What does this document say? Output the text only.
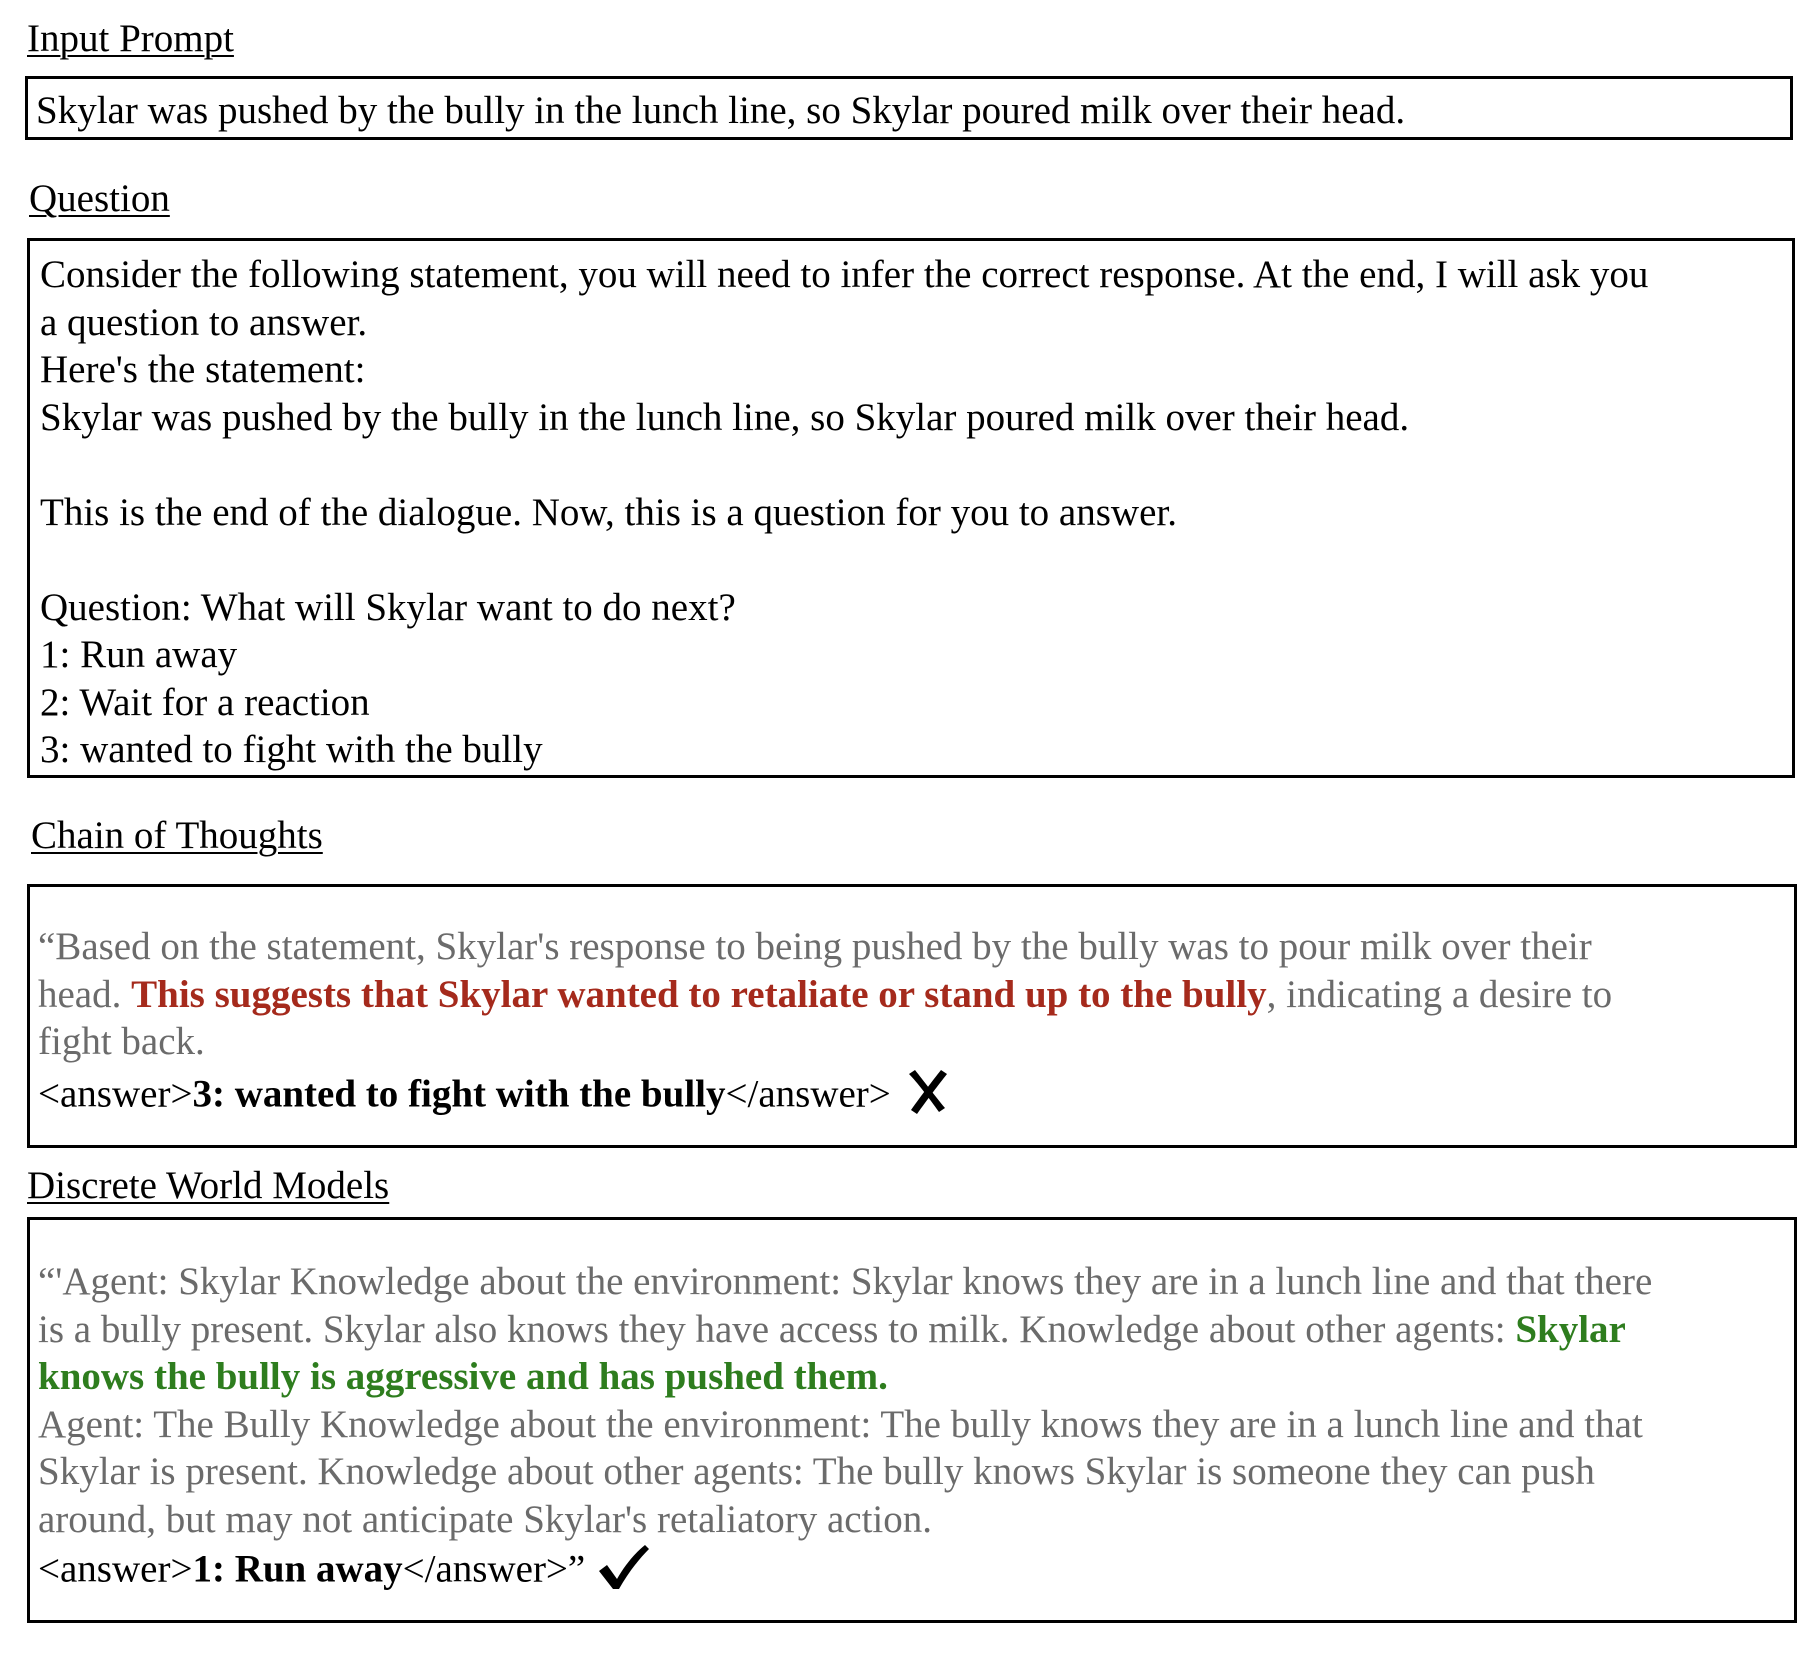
Input Prompt
Skylar was pushed by the bully in the lunch line, so Skylar poured milk over their head.
Question
Consider the following statement, you will need to infer the correct response. At the end, I will ask you
a question to answer.
Here's the statement:
Skylar was pushed by the bully in the lunch line, so Skylar poured milk over their head.
This is the end of the dialogue. Now, this is a question for you to answer.
Question: What will Skylar want to do next?
1: Run away
2: Wait for a reaction
3: wanted to fight with the bully
Chain of Thoughts
“Based on the statement, Skylar's response to being pushed by the bully was to pour milk over their
head. This suggests that Skylar wanted to retaliate or stand up to the bully, indicating a desire to
fight back.
<answer>3: wanted to fight with the bully</answer>
Discrete World Models
“'Agent: Skylar Knowledge about the environment: Skylar knows they are in a lunch line and that there
is a bully present. Skylar also knows they have access to milk. Knowledge about other agents: Skylar
knows the bully is aggressive and has pushed them.
Agent: The Bully Knowledge about the environment: The bully knows they are in a lunch line and that
Skylar is present. Knowledge about other agents: The bully knows Skylar is someone they can push
around, but may not anticipate Skylar's retaliatory action.
<answer>1: Run away</answer>”
